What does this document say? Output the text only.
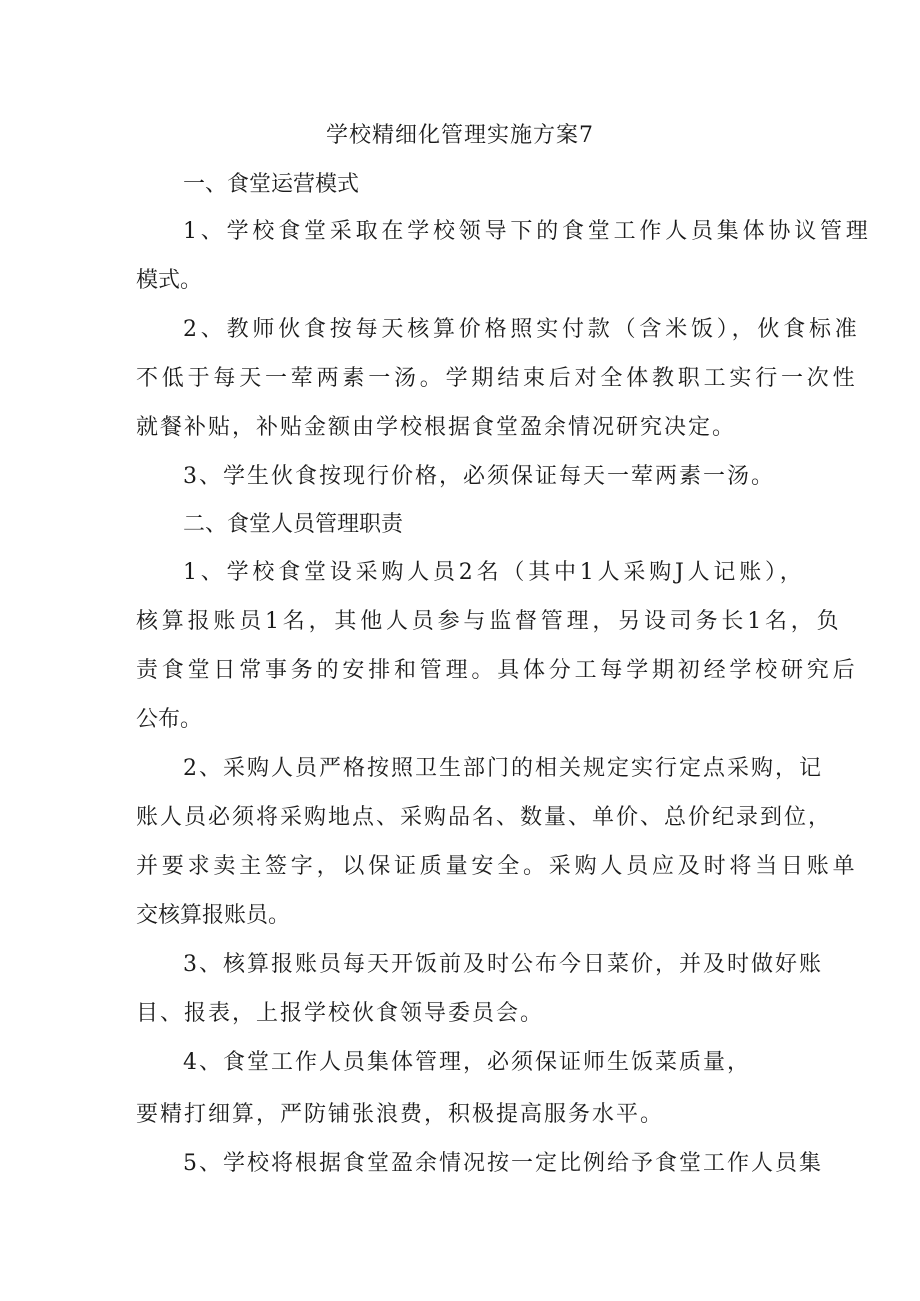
学校精细化管理实施方案7
一、食堂运营模式
1、学校食堂采取在学校领导下的食堂工作人员集体协议管理
模式。
2、教师伙食按每天核算价格照实付款（含米饭），伙食标准
不低于每天一荤两素一汤。学期结束后对全体教职工实行一次性
就餐补贴，补贴金额由学校根据食堂盈余情况研究决定。
3、学生伙食按现行价格，必须保证每天一荤两素一汤。
二、食堂人员管理职责
1、学校食堂设采购人员2名（其中1人采购J人记账），
核算报账员1名，其他人员参与监督管理，另设司务长1名，负
责食堂日常事务的安排和管理。具体分工每学期初经学校研究后
公布。
2、采购人员严格按照卫生部门的相关规定实行定点采购，记
账人员必须将采购地点、采购品名、数量、单价、总价纪录到位，
并要求卖主签字，以保证质量安全。采购人员应及时将当日账单
交核算报账员。
3、核算报账员每天开饭前及时公布今日菜价，并及时做好账
目、报表，上报学校伙食领导委员会。
4、食堂工作人员集体管理，必须保证师生饭菜质量，
要精打细算，严防铺张浪费，积极提高服务水平。
5、学校将根据食堂盈余情况按一定比例给予食堂工作人员集
